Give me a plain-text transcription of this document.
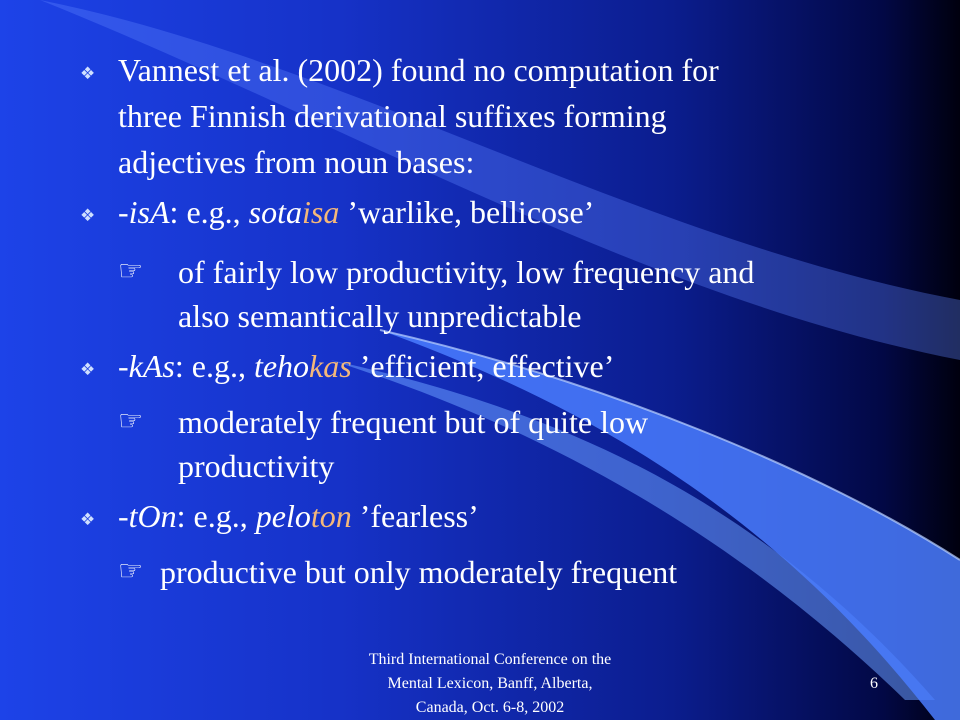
❖ Vannest et al. (2002) found no computation for
three Finnish derivational suffixes forming
adjectives from noun bases:
❖ -isA: e.g., sotaisa ’warlike, bellicose’
☞ of fairly low productivity, low frequency and
also semantically unpredictable
❖ -kAs: e.g., tehokas ’efficient, effective’
☞ moderately frequent but of quite low
productivity
❖ -tOn: e.g., peloton ’fearless’
☞ productive but only moderately frequent
Third International Conference on the
Mental Lexicon, Banff, Alberta,
Canada, Oct. 6-8, 2002
6
